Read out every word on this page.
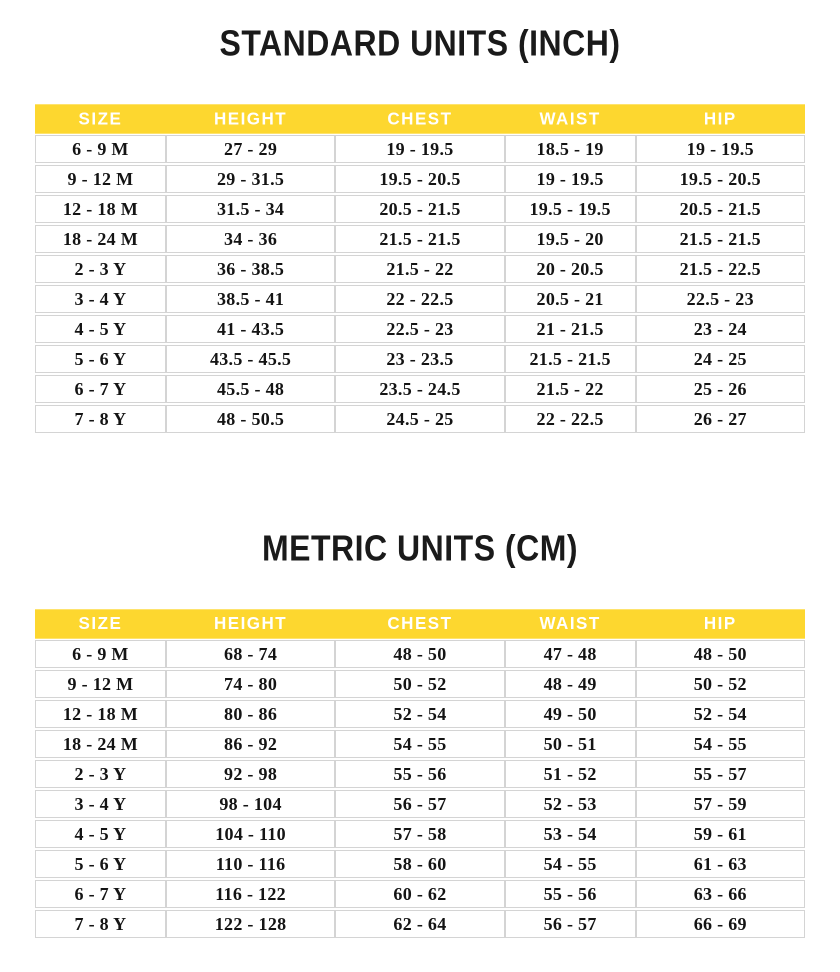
STANDARD UNITS (INCH)
SIZE	HEIGHT	CHEST	WAIST	HIP
6 - 9 M	27 - 29	19 - 19.5	18.5 - 19	19 - 19.5
9 - 12 M	29 - 31.5	19.5 - 20.5	19 - 19.5	19.5 - 20.5
12 - 18 M	31.5 - 34	20.5 - 21.5	19.5 - 19.5	20.5 - 21.5
18 - 24 M	34 - 36	21.5 - 21.5	19.5 - 20	21.5 - 21.5
2 - 3 Y	36 - 38.5	21.5 - 22	20 - 20.5	21.5 - 22.5
3 - 4 Y	38.5 - 41	22 - 22.5	20.5 - 21	22.5 - 23
4 - 5 Y	41 - 43.5	22.5 - 23	21 - 21.5	23 - 24
5 - 6 Y	43.5 - 45.5	23 - 23.5	21.5 - 21.5	24 - 25
6 - 7 Y	45.5 - 48	23.5 - 24.5	21.5 - 22	25 - 26
7 - 8 Y	48 - 50.5	24.5 - 25	22 - 22.5	26 - 27
METRIC UNITS (CM)
SIZE	HEIGHT	CHEST	WAIST	HIP
6 - 9 M	68 - 74	48 - 50	47 - 48	48 - 50
9 - 12 M	74 - 80	50 - 52	48 - 49	50 - 52
12 - 18 M	80 - 86	52 - 54	49 - 50	52 - 54
18 - 24 M	86 - 92	54 - 55	50 - 51	54 - 55
2 - 3 Y	92 - 98	55 - 56	51 - 52	55 - 57
3 - 4 Y	98 - 104	56 - 57	52 - 53	57 - 59
4 - 5 Y	104 - 110	57 - 58	53 - 54	59 - 61
5 - 6 Y	110 - 116	58 - 60	54 - 55	61 - 63
6 - 7 Y	116 - 122	60 - 62	55 - 56	63 - 66
7 - 8 Y	122 - 128	62 - 64	56 - 57	66 - 69
